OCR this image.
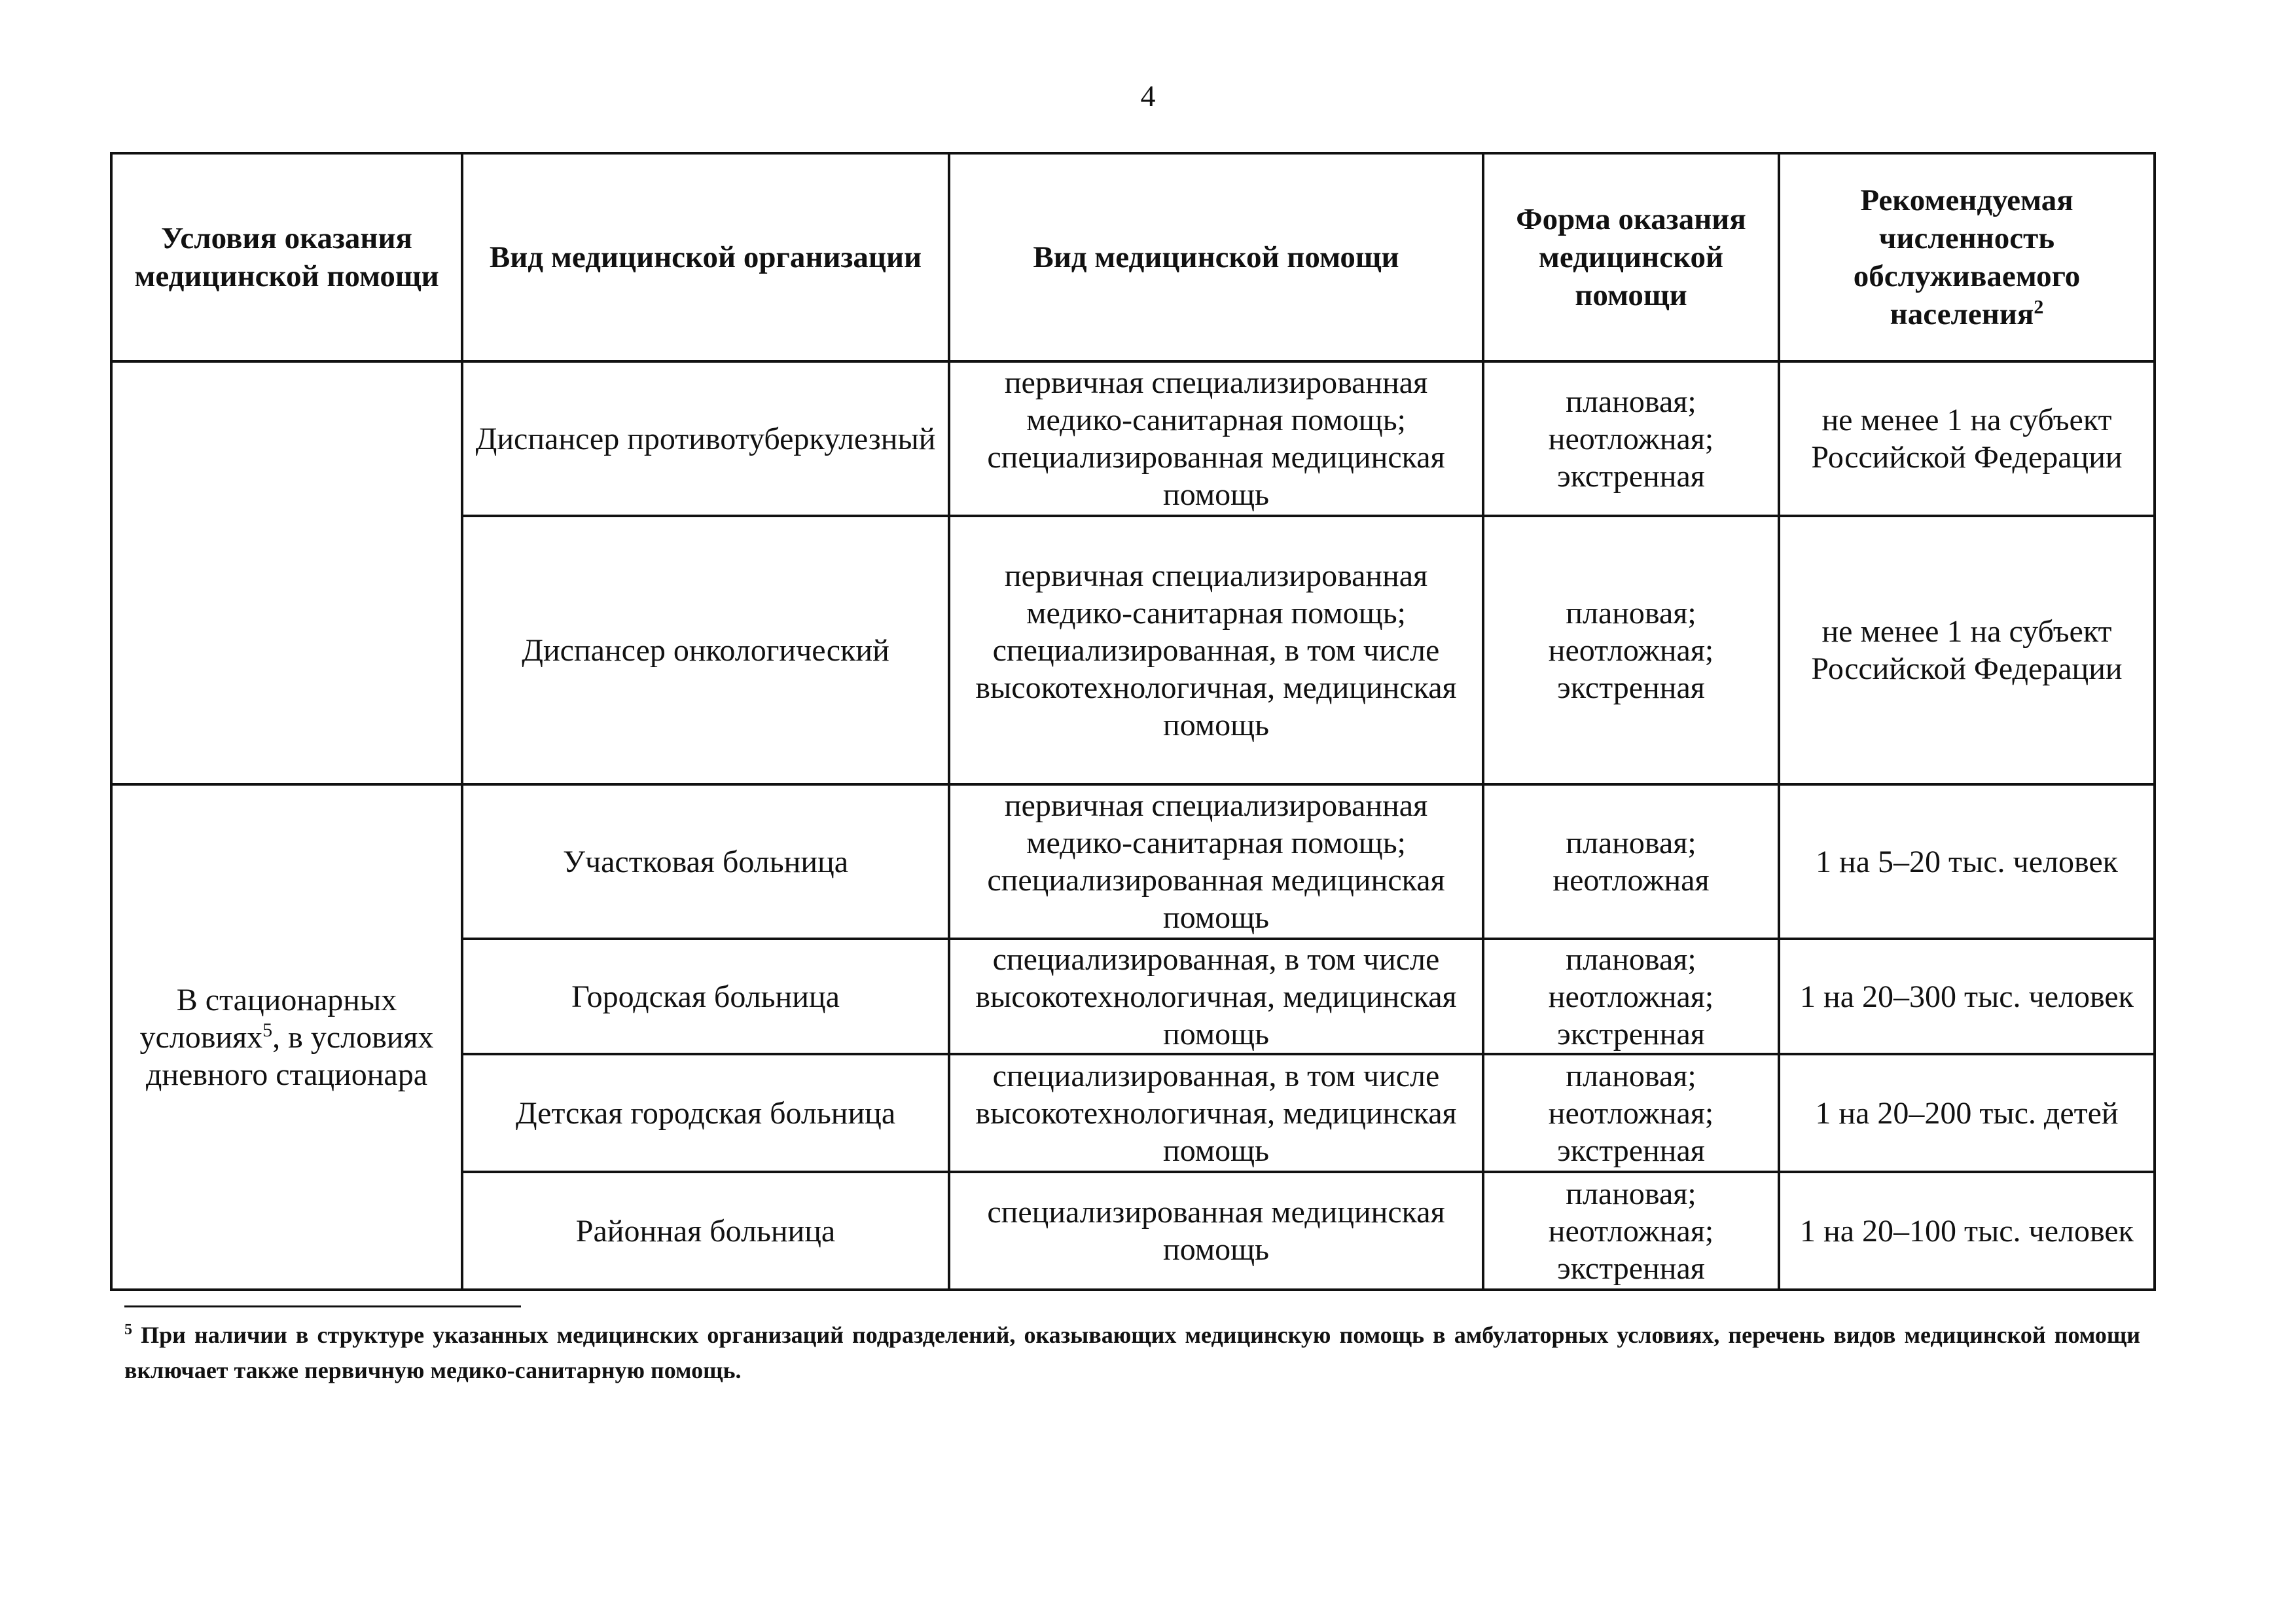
4
Условия оказания медицинской помощи	Вид медицинской организации	Вид медицинской помощи	Форма оказания медицинской помощи	Рекомендуемая численность обслуживаемого населения$^2$
	Диспансер противотуберкулезный	первичная специализированная медико-санитарная помощь; специализированная медицинская помощь	плановая; неотложная; экстренная	не менее 1 на субъект Российской Федерации
	Диспансер онкологический	первичная специализированная медико-санитарная помощь; специализированная, в том числе высокотехнологичная, медицинская помощь	плановая; неотложная; экстренная	не менее 1 на субъект Российской Федерации
В стационарных условиях$^5$, в условиях дневного стационара	Участковая больница	первичная специализированная медико-санитарная помощь; специализированная медицинская помощь	плановая; неотложная	1 на 5–20 тыс. человек
	Городская больница	специализированная, в том числе высокотехнологичная, медицинская помощь	плановая; неотложная; экстренная	1 на 20–300 тыс. человек
	Детская городская больница	специализированная, в том числе высокотехнологичная, медицинская помощь	плановая; неотложная; экстренная	1 на 20–200 тыс. детей
	Районная больница	специализированная медицинская помощь	плановая; неотложная; экстренная	1 на 20–100 тыс. человек
$^5$ При наличии в структуре указанных медицинских организаций подразделений, оказывающих медицинскую помощь в амбулаторных условиях, перечень видов медицинской помощи включает также первичную медико-санитарную помощь.
